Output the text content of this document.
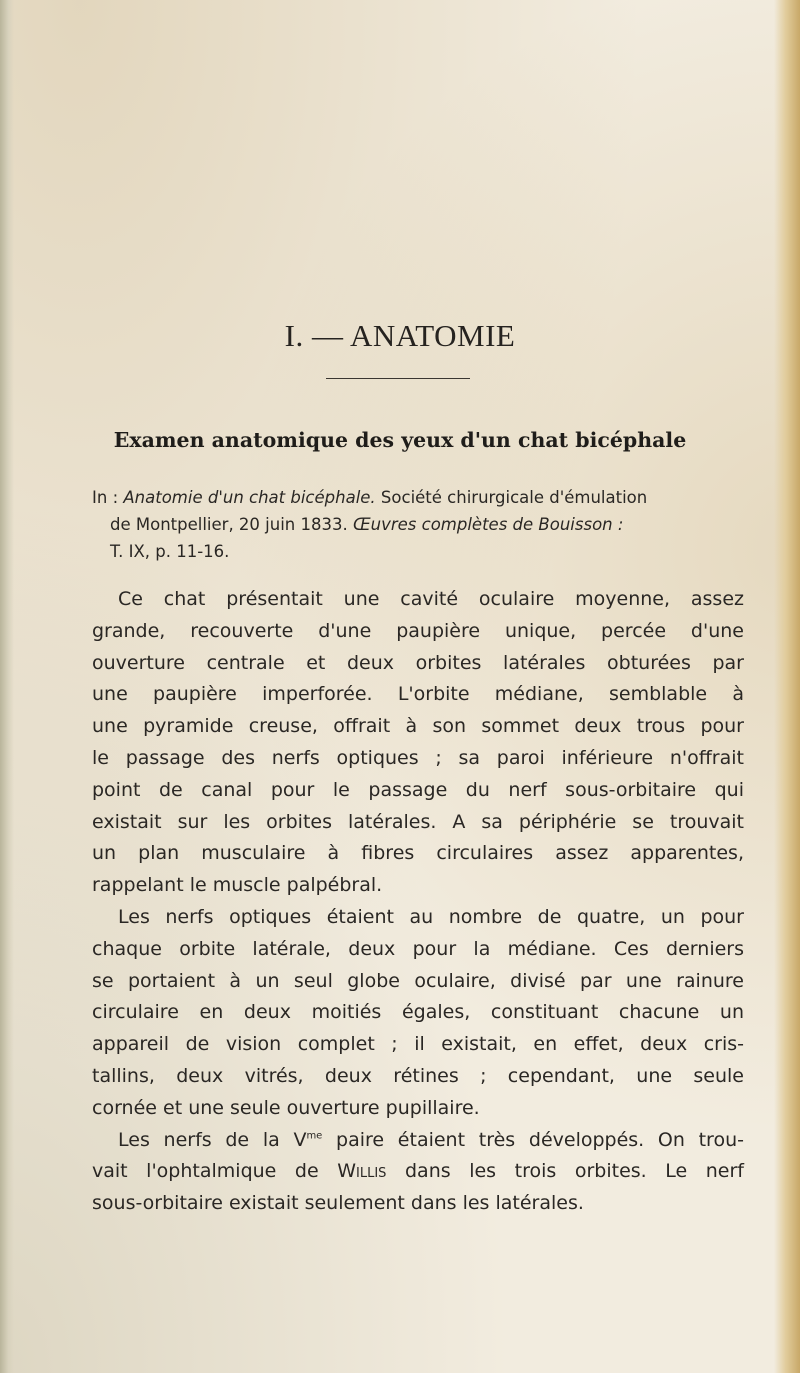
I. — ANATOMIE
Examen anatomique des yeux d'un chat bicéphale
In : Anatomie d'un chat bicéphale. Société chirurgicale d'émulation
de Montpellier, 20 juin 1833. Œuvres complètes de Bouisson :
T. IX, p. 11-16.
Ce chat présentait une cavité oculaire moyenne, assez
grande, recouverte d'une paupière unique, percée d'une
ouverture centrale et deux orbites latérales obturées par
une paupière imperforée. L'orbite médiane, semblable à
une pyramide creuse, offrait à son sommet deux trous pour
le passage des nerfs optiques ; sa paroi inférieure n'offrait
point de canal pour le passage du nerf sous-orbitaire qui
existait sur les orbites latérales. A sa périphérie se trouvait
un plan musculaire à fibres circulaires assez apparentes,
rappelant le muscle palpébral.
Les nerfs optiques étaient au nombre de quatre, un pour
chaque orbite latérale, deux pour la médiane. Ces derniers
se portaient à un seul globe oculaire, divisé par une rainure
circulaire en deux moitiés égales, constituant chacune un
appareil de vision complet ; il existait, en effet, deux cris-
tallins, deux vitrés, deux rétines ; cependant, une seule
cornée et une seule ouverture pupillaire.
Les nerfs de la $V^{me}$ paire étaient très développés. On trou-
vait l'ophtalmique de Willis dans les trois orbites. Le nerf
sous-orbitaire existait seulement dans les latérales.
